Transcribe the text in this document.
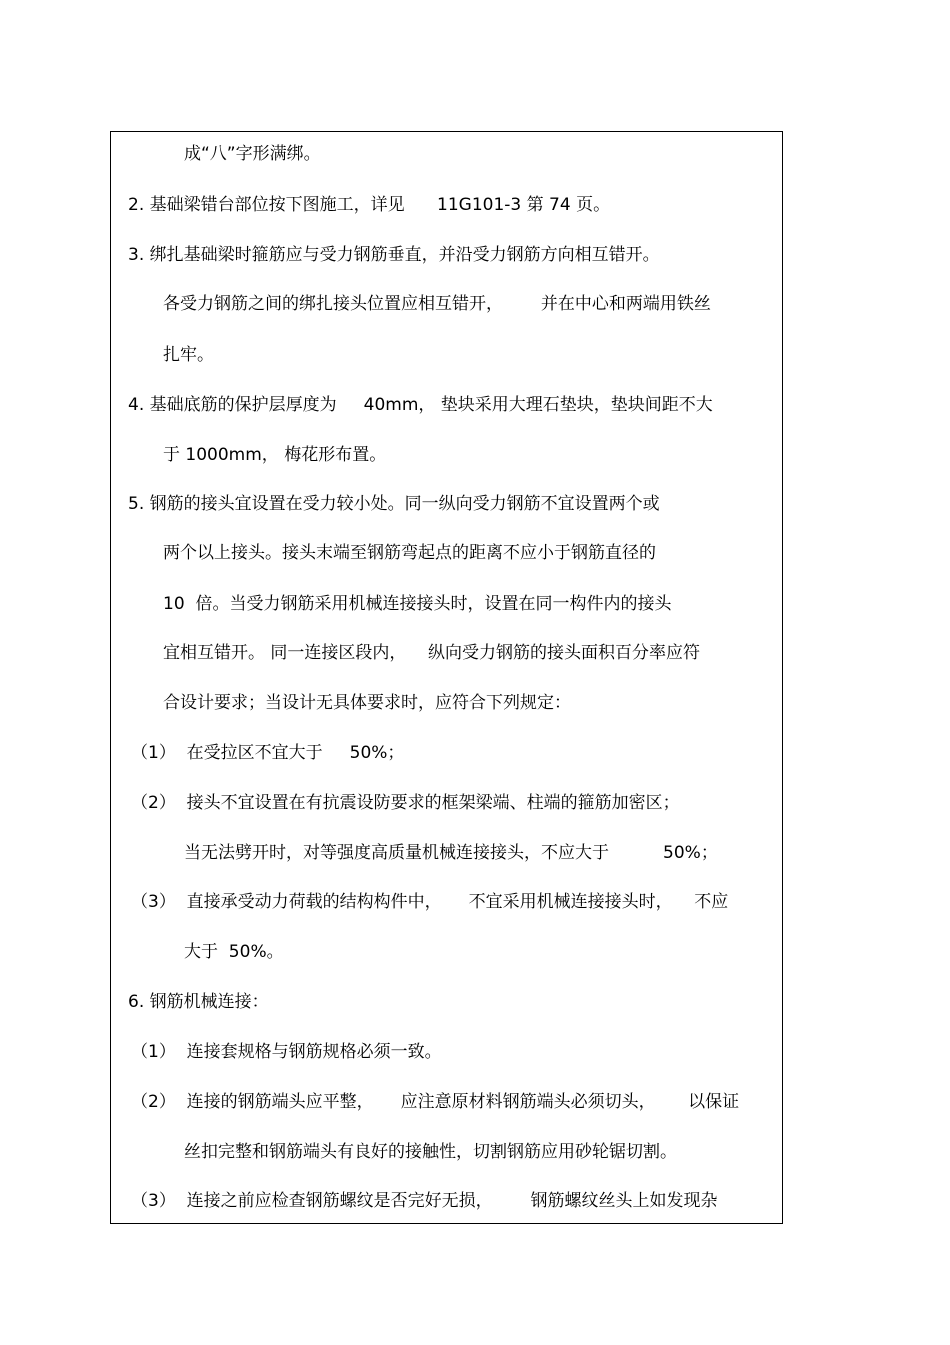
成“八”字形满绑。
2. 基础梁错台部位按下图施工，详见      11G101-3 第 74 页。
3. 绑扎基础梁时箍筋应与受力钢筋垂直，并沿受力钢筋方向相互错开。
各受力钢筋之间的绑扎接头位置应相互错开，       并在中心和两端用铁丝
扎牢。
4. 基础底筋的保护层厚度为     40mm， 垫块采用大理石垫块，垫块间距不大
于 1000mm， 梅花形布置。
5. 钢筋的接头宜设置在受力较小处。同一纵向受力钢筋不宜设置两个或
两个以上接头。接头末端至钢筋弯起点的距离不应小于钢筋直径的
10  倍。当受力钢筋采用机械连接接头时，设置在同一构件内的接头
宜相互错开。 同一连接区段内，    纵向受力钢筋的接头面积百分率应符
合设计要求；当设计无具体要求时，应符合下列规定：
（1）  在受拉区不宜大于     50%；
（2）  接头不宜设置在有抗震设防要求的框架梁端、柱端的箍筋加密区；
当无法劈开时，对等强度高质量机械连接接头，不应大于          50%；
（3）  直接承受动力荷载的结构构件中，     不宜采用机械连接接头时，    不应
大于  50%。
6. 钢筋机械连接：
（1）  连接套规格与钢筋规格必须一致。
（2）  连接的钢筋端头应平整，     应注意原材料钢筋端头必须切头，      以保证
丝扣完整和钢筋端头有良好的接触性，切割钢筋应用砂轮锯切割。
（3）  连接之前应检查钢筋螺纹是否完好无损，       钢筋螺纹丝头上如发现杂
